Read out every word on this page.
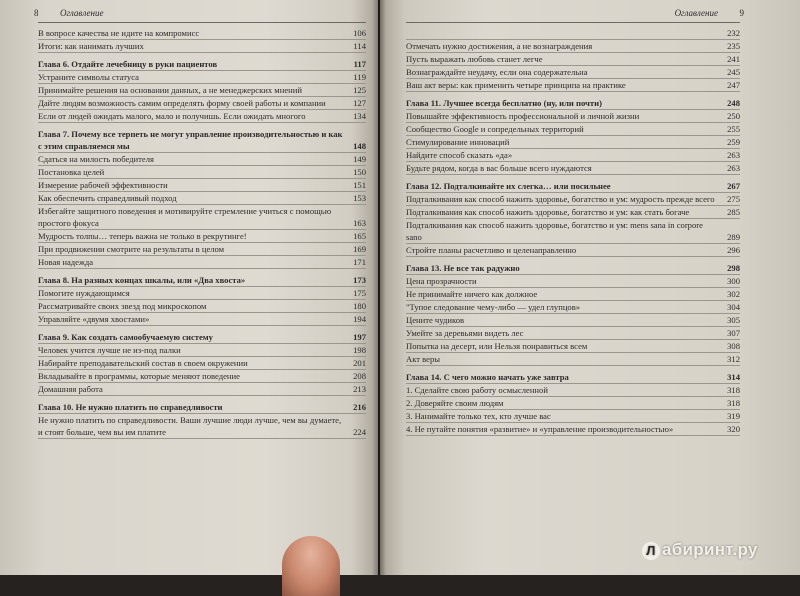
8 Оглавление
В вопросе качества не идите на компромисс	106
Итоги: как нанимать лучших	114
Глава 6. Отдайте лечебницу в руки пациентов	117
Устраните символы статуса	119
Принимайте решения на основании данных, а не менеджерских мнений	125
Дайте людям возможность самим определять форму своей работы и компании	127
Если от людей ожидать малого, мало и получишь. Если ожидать многого	134
Глава 7. Почему все терпеть не могут управление производительностью и как с этим справляемся мы	148
Сдаться на милость победителя	149
Постановка целей	150
Измерение рабочей эффективности	151
Как обеспечить справедливый подход	153
Избегайте защитного поведения и мотивируйте стремление учиться с помощью простого фокуса	163
Мудрость толпы… теперь важна не только в рекрутинге!	165
При продвижении смотрите на результаты в целом	169
Новая надежда	171
Глава 8. На разных концах шкалы, или «Два хвоста»	173
Помогите нуждающимся	175
Рассматривайте своих звезд под микроскопом	180
Управляйте «двумя хвостами»	194
Глава 9. Как создать самообучаемую систему	197
Человек учится лучше не из-под палки	198
Набирайте преподавательский состав в своем окружении	201
Вкладывайте в программы, которые меняют поведение	208
Домашняя работа	213
Глава 10. Не нужно платить по справедливости	216
Не нужно платить по справедливости. Ваши лучшие люди лучше, чем вы думаете, и стоят больше, чем вы им платите	224
Оглавление 9
232
Отмечать нужно достижения, а не вознаграждения	235
Пусть выражать любовь станет легче	241
Вознаграждайте неудачу, если она содержательна	245
Ваш акт веры: как применить четыре принципа на практике	247
Глава 11. Лучшее всегда бесплатно (ну, или почти)	248
Повышайте эффективность профессиональной и личной жизни	250
Сообщество Google и сопредельных территорий	255
Стимулирование инноваций	259
Найдите способ сказать «да»	263
Будьте рядом, когда в вас больше всего нуждаются	263
Глава 12. Подталкивайте их слегка… или посильнее	267
Подталкивания как способ нажить здоровье, богатство и ум: мудрость прежде всего	275
Подталкивания как способ нажить здоровье, богатство и ум: как стать богаче	285
Подталкивания как способ нажить здоровье, богатство и ум: mens sana in corpore sano	289
Стройте планы расчетливо и целенаправленно	296
Глава 13. Не все так радужно	298
Цена прозрачности	300
Не принимайте ничего как должное	302
"Тупое следование чему-либо — удел глупцов»	304
Цените чудиков	305
Умейте за деревьями видеть лес	307
Попытка на десерт, или Нельзя понравиться всем	308
Акт веры	312
Глава 14. С чего можно начать уже завтра	314
1. Сделайте свою работу осмысленной	318
2. Доверяйте своим людям	318
3. Нанимайте только тех, кто лучше вас	319
4. Не путайте понятия «развитие» и «управление производительностью»	320
Л абиринт.ру
